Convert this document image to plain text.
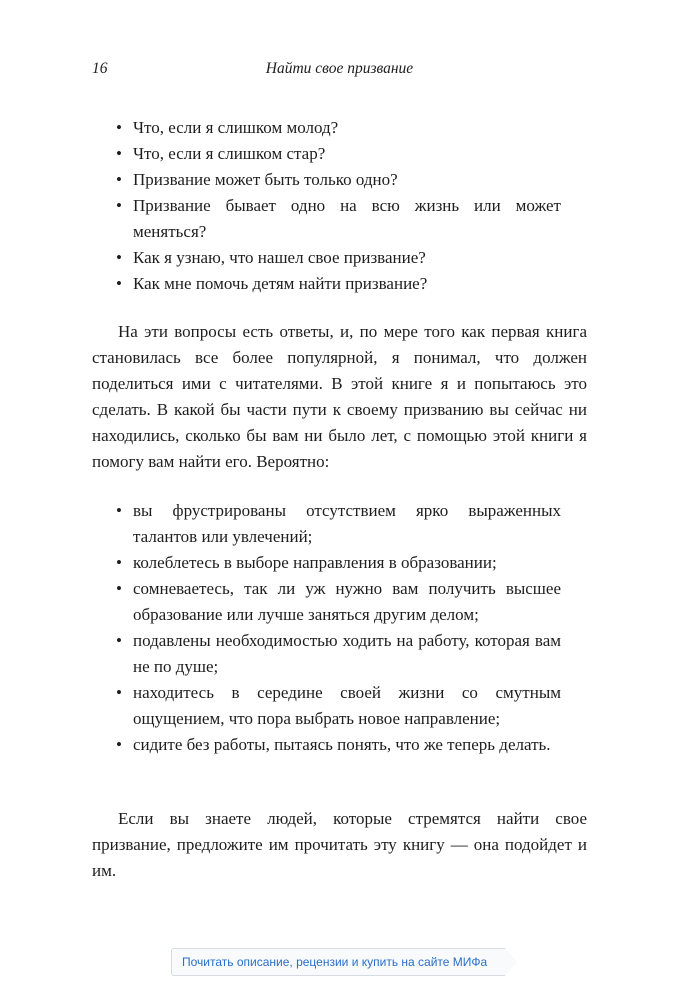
16	Найти свое призвание
• Что, если я слишком молод?
• Что, если я слишком стар?
• Призвание может быть только одно?
• Призвание бывает одно на всю жизнь или может меняться?
• Как я узнаю, что нашел свое призвание?
• Как мне помочь детям найти призвание?

На эти вопросы есть ответы, и, по мере того как первая книга становилась все более популярной, я понимал, что должен поделиться ими с читателями. В этой книге я и попытаюсь это сделать. В какой бы части пути к своему призванию вы сейчас ни находились, сколько бы вам ни было лет, с помощью этой книги я помогу вам найти его. Вероятно:

• вы фрустрированы отсутствием ярко выраженных талантов или увлечений;
• колеблетесь в выборе направления в образовании;
• сомневаетесь, так ли уж нужно вам получить высшее образование или лучше заняться другим делом;
• подавлены необходимостью ходить на работу, которая вам не по душе;
• находитесь в середине своей жизни со смутным ощущением, что пора выбрать новое направление;
• сидите без работы, пытаясь понять, что же теперь делать.

Если вы знаете людей, которые стремятся найти свое призвание, предложите им прочитать эту книгу — она подойдет и им.

Почитать описание, рецензии и купить на сайте МИФа
